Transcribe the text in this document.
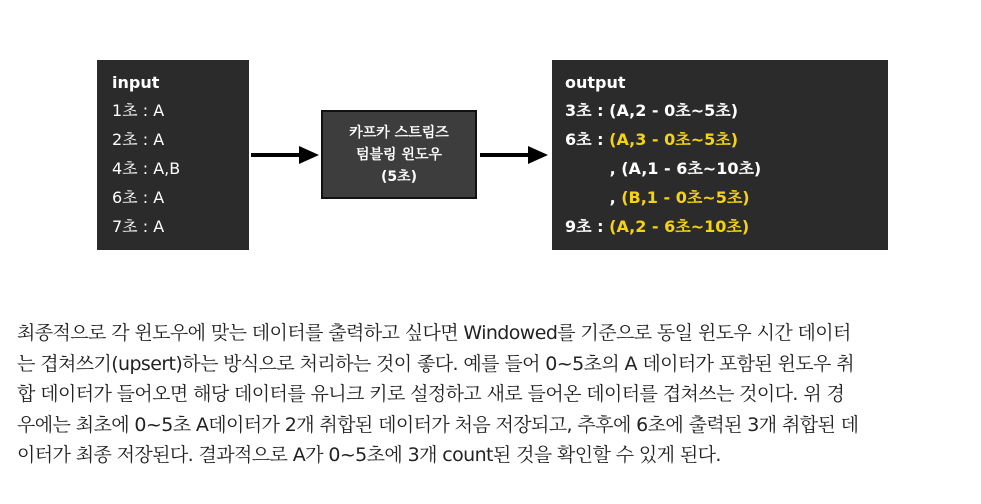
input
1초 : A
2초 : A
4초 : A,B
6초 : A
7초 : A
카프카 스트림즈
텀블링 윈도우
(5초)
output
3초 : (A,2 - 0초~5초)
6초 : (A,3 - 0초~5초)
, (A,1 - 6초~10초)
, (B,1 - 0초~5초)
9초 : (A,2 - 6초~10초)
최종적으로 각 윈도우에 맞는 데이터를 출력하고 싶다면 Windowed를 기준으로 동일 윈도우 시간 데이터
는 겹쳐쓰기(upsert)하는 방식으로 처리하는 것이 좋다. 예를 들어 0~5초의 A 데이터가 포함된 윈도우 취
합 데이터가 들어오면 해당 데이터를 유니크 키로 설정하고 새로 들어온 데이터를 겹쳐쓰는 것이다. 위 경
우에는 최초에 0~5초 A데이터가 2개 취합된 데이터가 처음 저장되고, 추후에 6초에 출력된 3개 취합된 데
이터가 최종 저장된다. 결과적으로 A가 0~5초에 3개 count된 것을 확인할 수 있게 된다.
